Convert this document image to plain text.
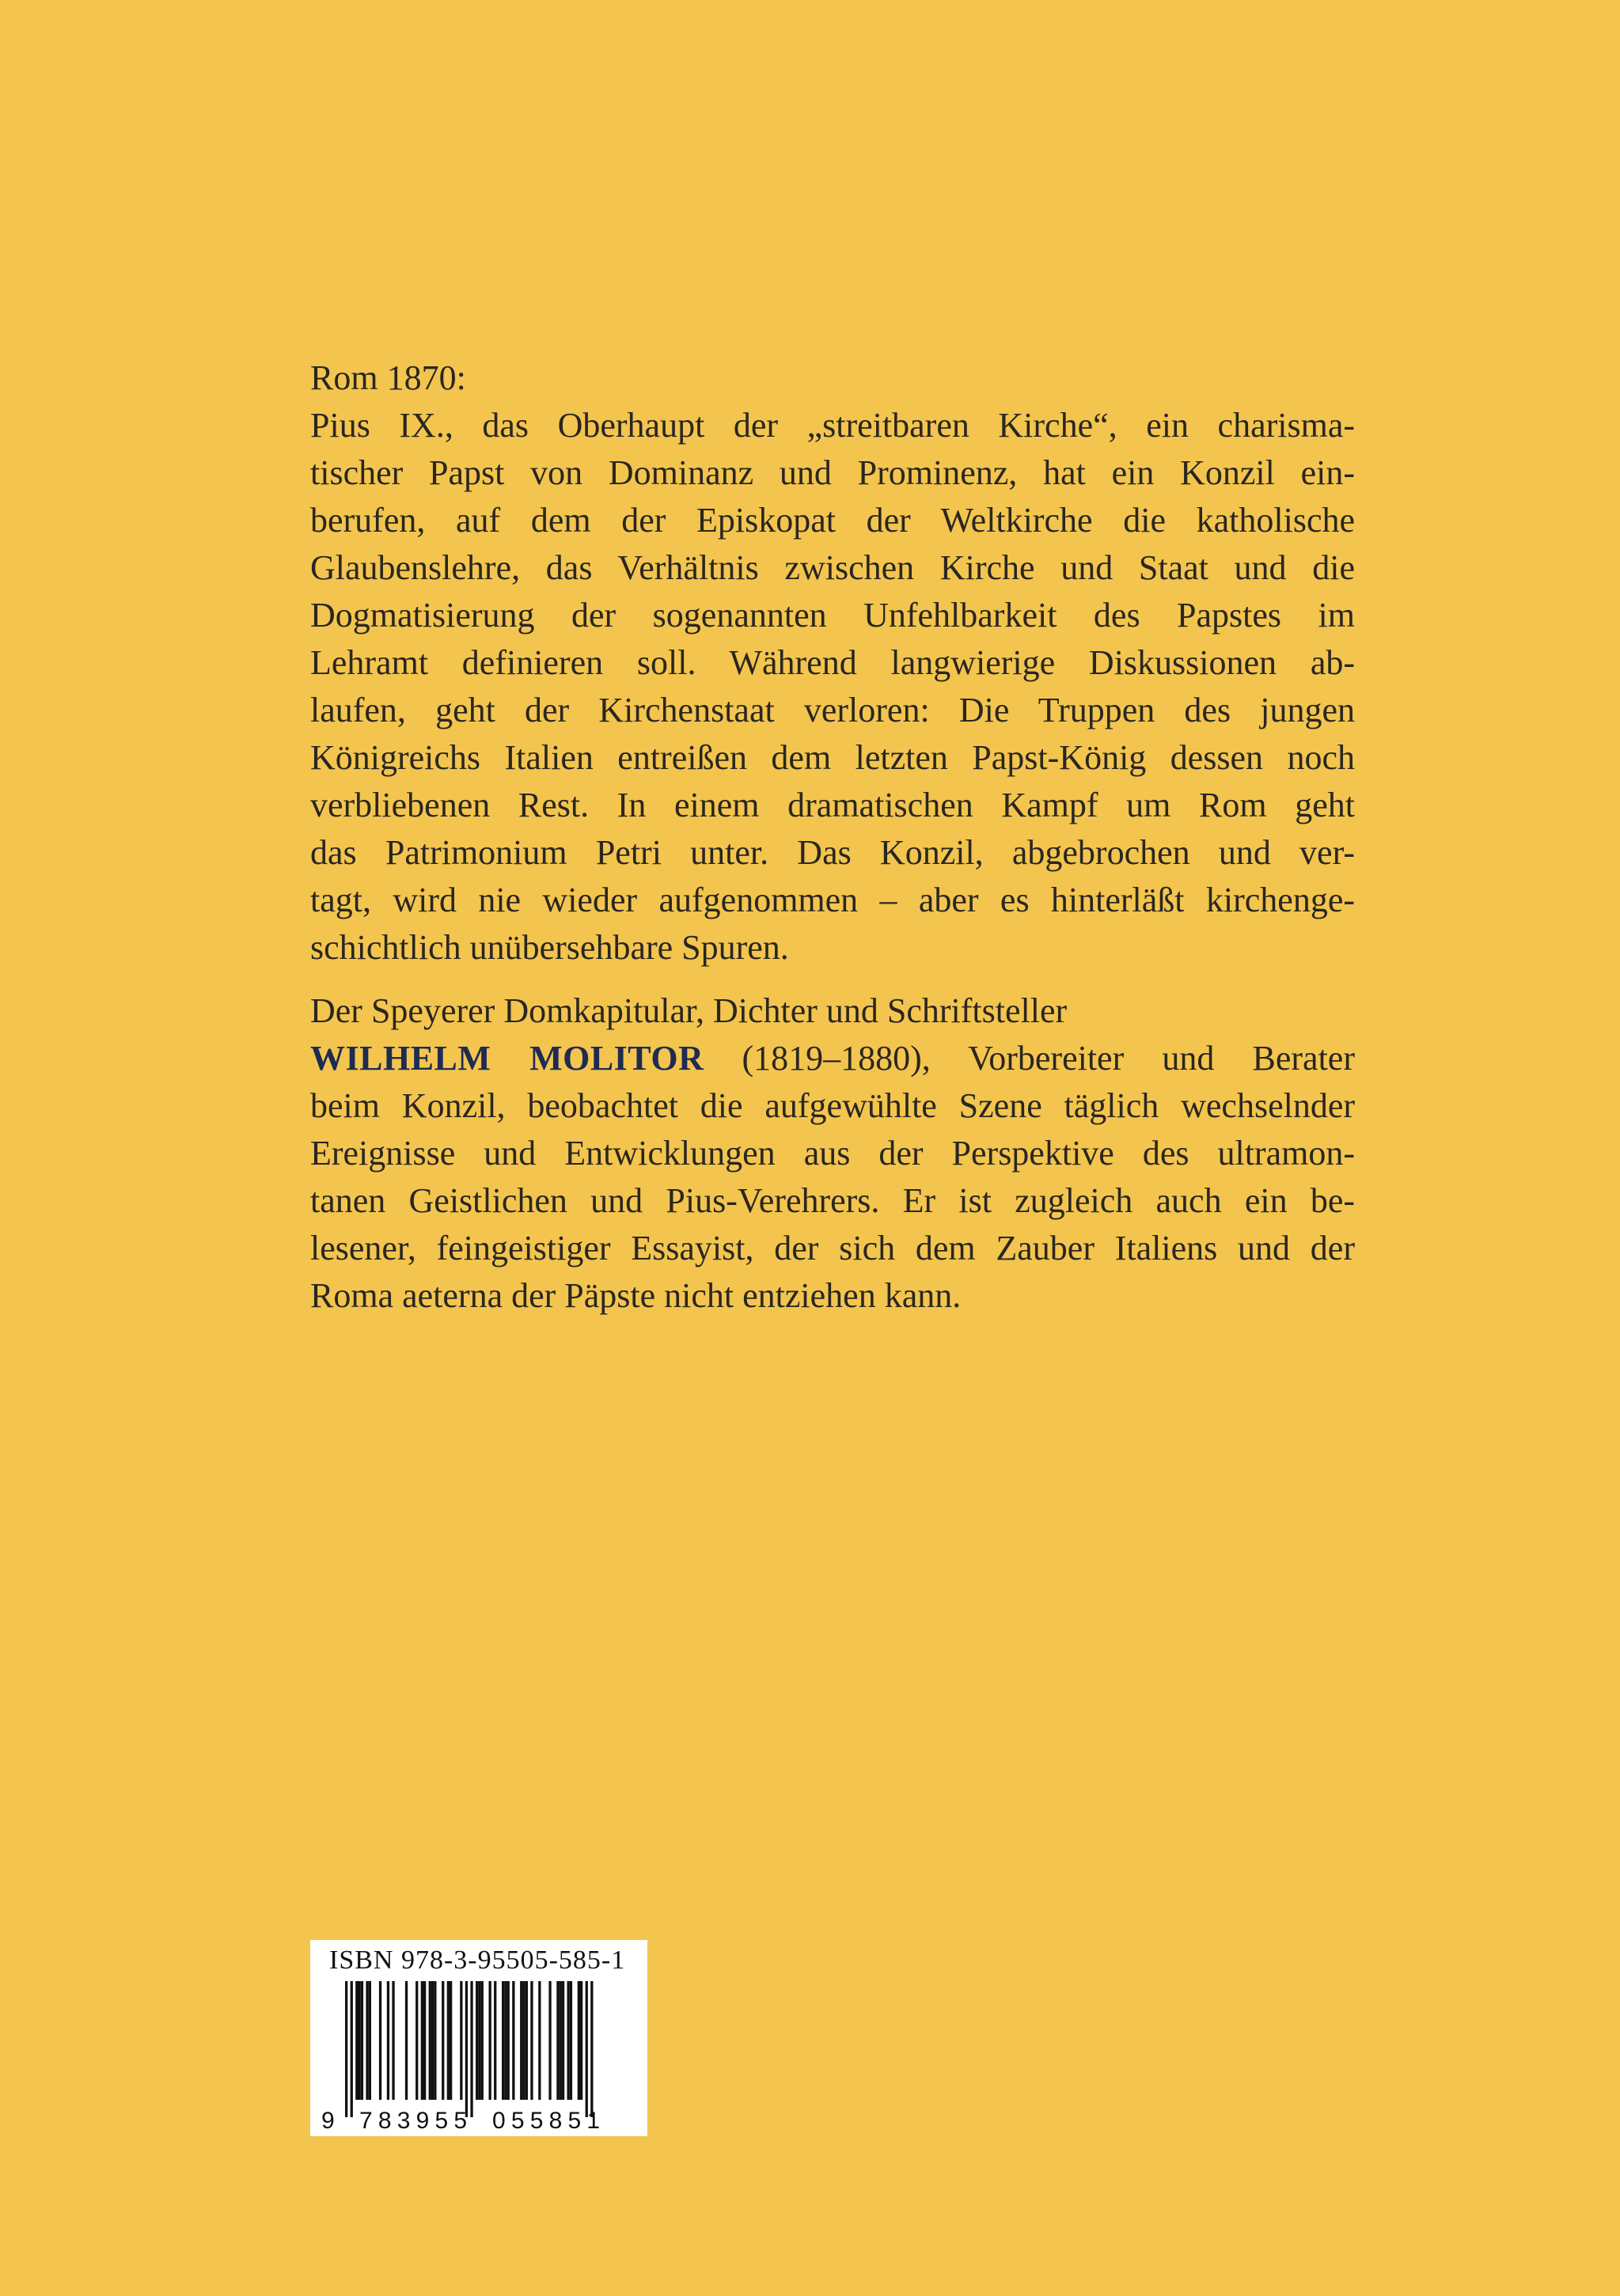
Rom 1870:
Pius IX., das Oberhaupt der „streitbaren Kirche“, ein charisma-
tischer Papst von Dominanz und Prominenz, hat ein Konzil ein-
berufen, auf dem der Episkopat der Weltkirche die katholische
Glaubenslehre, das Verhältnis zwischen Kirche und Staat und die
Dogmatisierung der sogenannten Unfehlbarkeit des Papstes im
Lehramt definieren soll. Während langwierige Diskussionen ab-
laufen, geht der Kirchenstaat verloren: Die Truppen des jungen
Königreichs Italien entreißen dem letzten Papst-König dessen noch
verbliebenen Rest. In einem dramatischen Kampf um Rom geht
das Patrimonium Petri unter. Das Konzil, abgebrochen und ver-
tagt, wird nie wieder aufgenommen – aber es hinterläßt kirchenge-
schichtlich unübersehbare Spuren.
Der Speyerer Domkapitular, Dichter und Schriftsteller
WILHELM MOLITOR (1819–1880), Vorbereiter und Berater
beim Konzil, beobachtet die aufgewühlte Szene täglich wechselnder
Ereignisse und Entwicklungen aus der Perspektive des ultramon-
tanen Geistlichen und Pius-Verehrers. Er ist zugleich auch ein be-
lesener, feingeistiger Essayist, der sich dem Zauber Italiens und der
Roma aeterna der Päpste nicht entziehen kann.
ISBN 978-3-95505-585-1
9 783955 055851
